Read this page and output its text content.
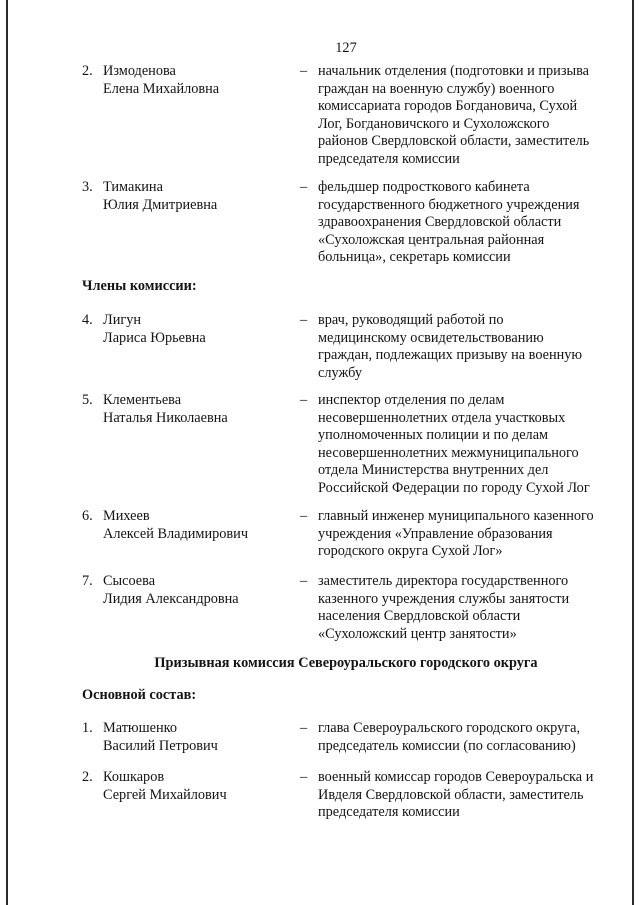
127
2. Измоденова
Елена Михайловна
– начальник отделения (подготовки и призыва
граждан на военную службу) военного
комиссариата городов Богдановича, Сухой
Лог, Богдановичского и Сухоложского
районов Свердловской области, заместитель
председателя комиссии
3. Тимакина
Юлия Дмитриевна
– фельдшер подросткового кабинета
государственного бюджетного учреждения
здравоохранения Свердловской области
«Сухоложская центральная районная
больница», секретарь комиссии
Члены комиссии:
4. Лигун
Лариса Юрьевна
– врач, руководящий работой по
медицинскому освидетельствованию
граждан, подлежащих призыву на военную
службу
5. Клементьева
Наталья Николаевна
– инспектор отделения по делам
несовершеннолетних отдела участковых
уполномоченных полиции и по делам
несовершеннолетних межмуниципального
отдела Министерства внутренних дел
Российской Федерации по городу Сухой Лог
6. Михеев
Алексей Владимирович
– главный инженер муниципального казенного
учреждения «Управление образования
городского округа Сухой Лог»
7. Сысоева
Лидия Александровна
– заместитель директора государственного
казенного учреждения службы занятости
населения Свердловской области
«Сухоложский центр занятости»
Призывная комиссия Североуральского городского округа
Основной состав:
1. Матюшенко
Василий Петрович
– глава Североуральского городского округа,
председатель комиссии (по согласованию)
2. Кошкаров
Сергей Михайлович
– военный комиссар городов Североуральска и
Ивделя Свердловской области, заместитель
председателя комиссии
